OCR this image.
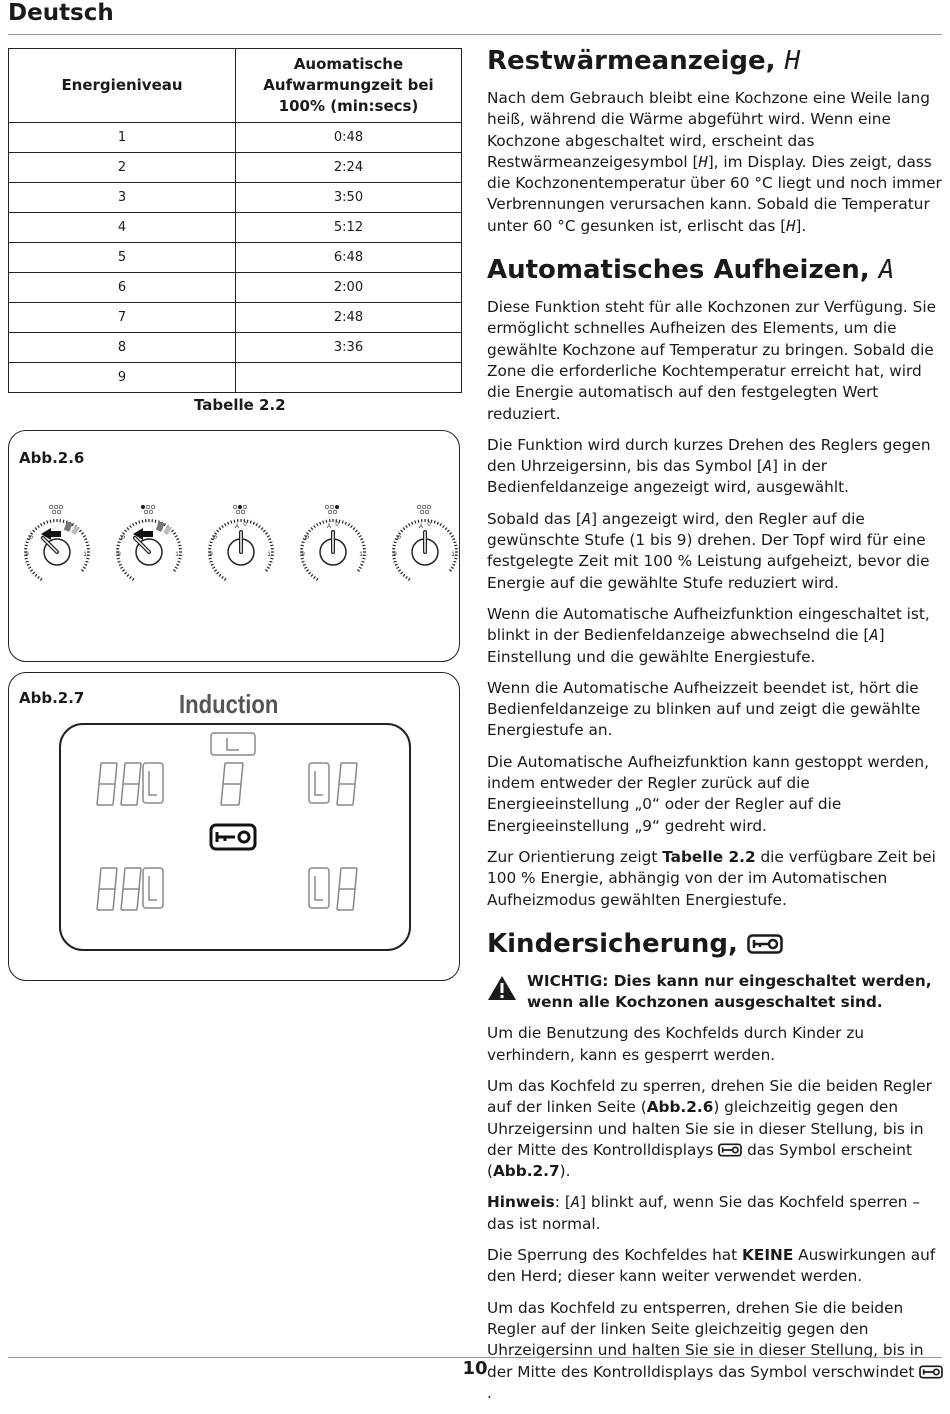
Deutsch
Energieniveau	Auomatische Aufwarmungzeit bei 100% (min:secs)
1	0:48
2	2:24
3	3:50
4	5:12
5	6:48
6	2:00
7	2:48
8	3:36
9	
Tabelle 2.2
Abb.2.6
P
9	1
P
9	1
P
9	1
A 0
P
9	1
A 0
P
9	1
A 0
Abb.2.7	Induction
Restwärmeanzeige, H

Nach dem Gebrauch bleibt eine Kochzone eine Weile lang heiß, während die Wärme abgeführt wird. Wenn eine Kochzone abgeschaltet wird, erscheint das Restwärmeanzeigesymbol [H], im Display. Dies zeigt, dass die Kochzonentemperatur über 60 °C liegt und noch immer Verbrennungen verursachen kann. Sobald die Temperatur unter 60 °C gesunken ist, erlischt das [H].

Automatisches Aufheizen, A

Diese Funktion steht für alle Kochzonen zur Verfügung. Sie ermöglicht schnelles Aufheizen des Elements, um die gewählte Kochzone auf Temperatur zu bringen. Sobald die Zone die erforderliche Kochtemperatur erreicht hat, wird die Energie automatisch auf den festgelegten Wert reduziert.

Die Funktion wird durch kurzes Drehen des Reglers gegen den Uhrzeigersinn, bis das Symbol [A] in der Bedienfeldanzeige angezeigt wird, ausgewählt.

Sobald das [A] angezeigt wird, den Regler auf die gewünschte Stufe (1 bis 9) drehen. Der Topf wird für eine festgelegte Zeit mit 100 % Leistung aufgeheizt, bevor die Energie auf die gewählte Stufe reduziert wird.

Wenn die Automatische Aufheizfunktion eingeschaltet ist, blinkt in der Bedienfeldanzeige abwechselnd die [A] Einstellung und die gewählte Energiestufe.

Wenn die Automatische Aufheizzeit beendet ist, hört die Bedienfeldanzeige zu blinken auf und zeigt die gewählte Energiestufe an.

Die Automatische Aufheizfunktion kann gestoppt werden, indem entweder der Regler zurück auf die Energieeinstellung „0“ oder der Regler auf die Energieeinstellung „9“ gedreht wird.

Zur Orientierung zeigt Tabelle 2.2 die verfügbare Zeit bei 100 % Energie, abhängig von der im Automatischen Aufheizmodus gewählten Energiestufe.

Kindersicherung,
WICHTIG: Dies kann nur eingeschaltet werden, wenn alle Kochzonen ausgeschaltet sind.

Um die Benutzung des Kochfelds durch Kinder zu verhindern, kann es gesperrt werden.

Um das Kochfeld zu sperren, drehen Sie die beiden Regler auf der linken Seite (Abb.2.6) gleichzeitig gegen den Uhrzeigersinn und halten Sie sie in dieser Stellung, bis in der Mitte des Kontrolldisplays  das Symbol erscheint (Abb.2.7).

Hinweis: [A] blinkt auf, wenn Sie das Kochfeld sperren – das ist normal.

Die Sperrung des Kochfeldes hat KEINE Auswirkungen auf den Herd; dieser kann weiter verwendet werden.

Um das Kochfeld zu entsperren, drehen Sie die beiden Regler auf der linken Seite gleichzeitig gegen den Uhrzeigersinn und halten Sie sie in dieser Stellung, bis in der Mitte des Kontrolldisplays das Symbol verschwindet .

10
